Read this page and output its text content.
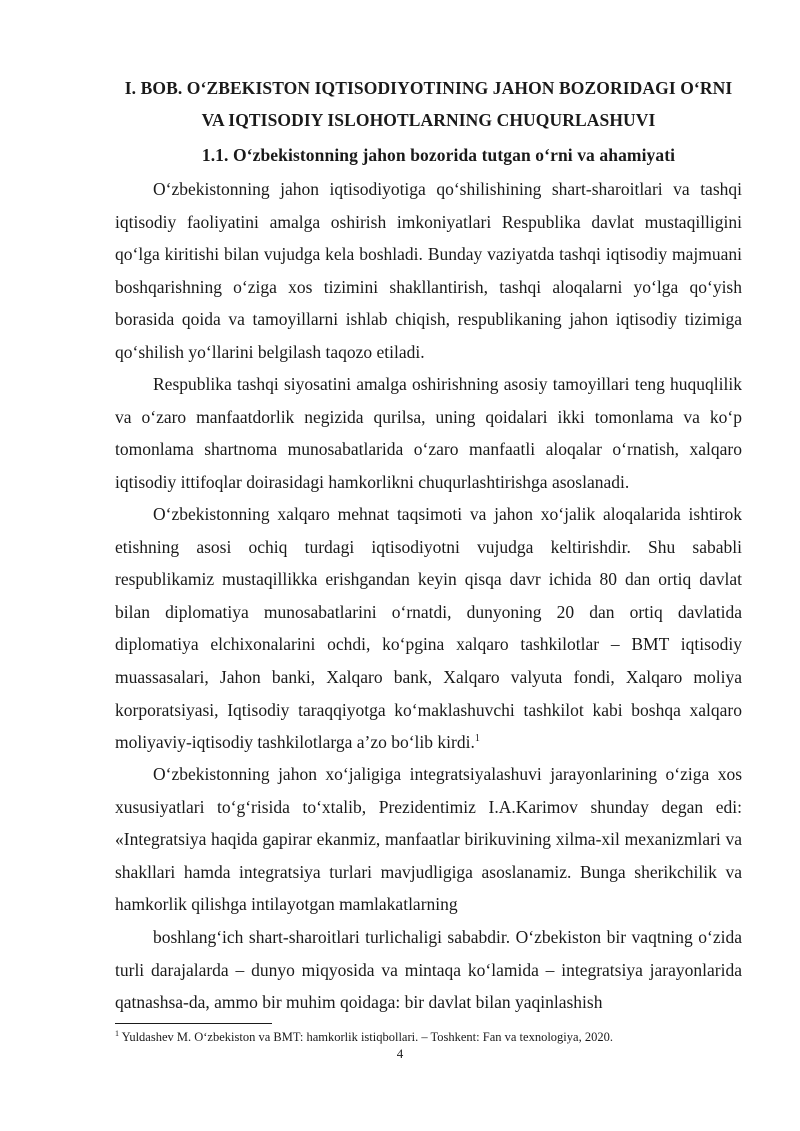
I. BOB. O‘ZBEKISTON IQTISODIYOTINING JAHON BOZORIDAGI O‘RNI VA IQTISODIY ISLOHOTLARNING CHUQURLASHUVI
1.1. O‘zbekistonning jahon bozorida tutgan o‘rni va ahamiyati

O‘zbekistonning jahon iqtisodiyotiga qo‘shilishining shart-sharoitlari va tashqi iqtisodiy faoliyatini amalga oshirish imkoniyatlari Respublika davlat mustaqilligini qo‘lga kiritishi bilan vujudga kela boshladi. Bunday vaziyatda tashqi iqtisodiy majmuani boshqarishning o‘ziga xos tizimini shakllantirish, tashqi aloqalarni yo‘lga qo‘yish borasida qoida va tamoyillarni ishlab chiqish, respublikaning jahon iqtisodiy tizimiga qo‘shilish yo‘llarini belgilash taqozo etiladi.

Respublika tashqi siyosatini amalga oshirishning asosiy tamoyillari teng huquqlilik va o‘zaro manfaatdorlik negizida qurilsa, uning qoidalari ikki tomonlama va ko‘p tomonlama shartnoma munosabatlarida o‘zaro manfaatli aloqalar o‘rnatish, xalqaro iqtisodiy ittifoqlar doirasidagi hamkorlikni chuqurlashtirishga asoslanadi.

O‘zbekistonning xalqaro mehnat taqsimoti va jahon xo‘jalik aloqalarida ishtirok etishning asosi ochiq turdagi iqtisodiyotni vujudga keltirishdir. Shu sababli respublikamiz mustaqillikka erishgandan keyin qisqa davr ichida 80 dan ortiq davlat bilan diplomatiya munosabatlarini o‘rnatdi, dunyoning 20 dan ortiq davlatida diplomatiya elchixonalarini ochdi, ko‘pgina xalqaro tashkilotlar – BMT iqtisodiy muassasalari, Jahon banki, Xalqaro bank, Xalqaro valyuta fondi, Xalqaro moliya korporatsiyasi, Iqtisodiy taraqqiyotga ko‘maklashuvchi tashkilot kabi boshqa xalqaro moliyaviy-iqtisodiy tashkilotlarga a’zo bo‘lib kirdi.$^1$

O‘zbekistonning jahon xo‘jaligiga integratsiyalashuvi jarayonlarining o‘ziga xos xususiyatlari to‘g‘risida to‘xtalib, Prezidentimiz I.A.Karimov shunday degan edi: «Integratsiya haqida gapirar ekanmiz, manfaatlar birikuvining xilma-xil mexanizmlari va shakllari hamda integratsiya turlari mavjudligiga asoslanamiz. Bunga sherikchilik va hamkorlik qilishga intilayotgan mamlakatlarning

boshlang‘ich shart-sharoitlari turlichaligi sababdir. O‘zbekiston bir vaqtning o‘zida turli darajalarda – dunyo miqyosida va mintaqa ko‘lamida – integratsiya jarayonlarida qatnashsa-da, ammo bir muhim qoidaga: bir davlat bilan yaqinlashish

$^1$ Yuldashev M. O‘zbekiston va BMT: hamkorlik istiqbollari. – Toshkent: Fan va texnologiya, 2020.
4
